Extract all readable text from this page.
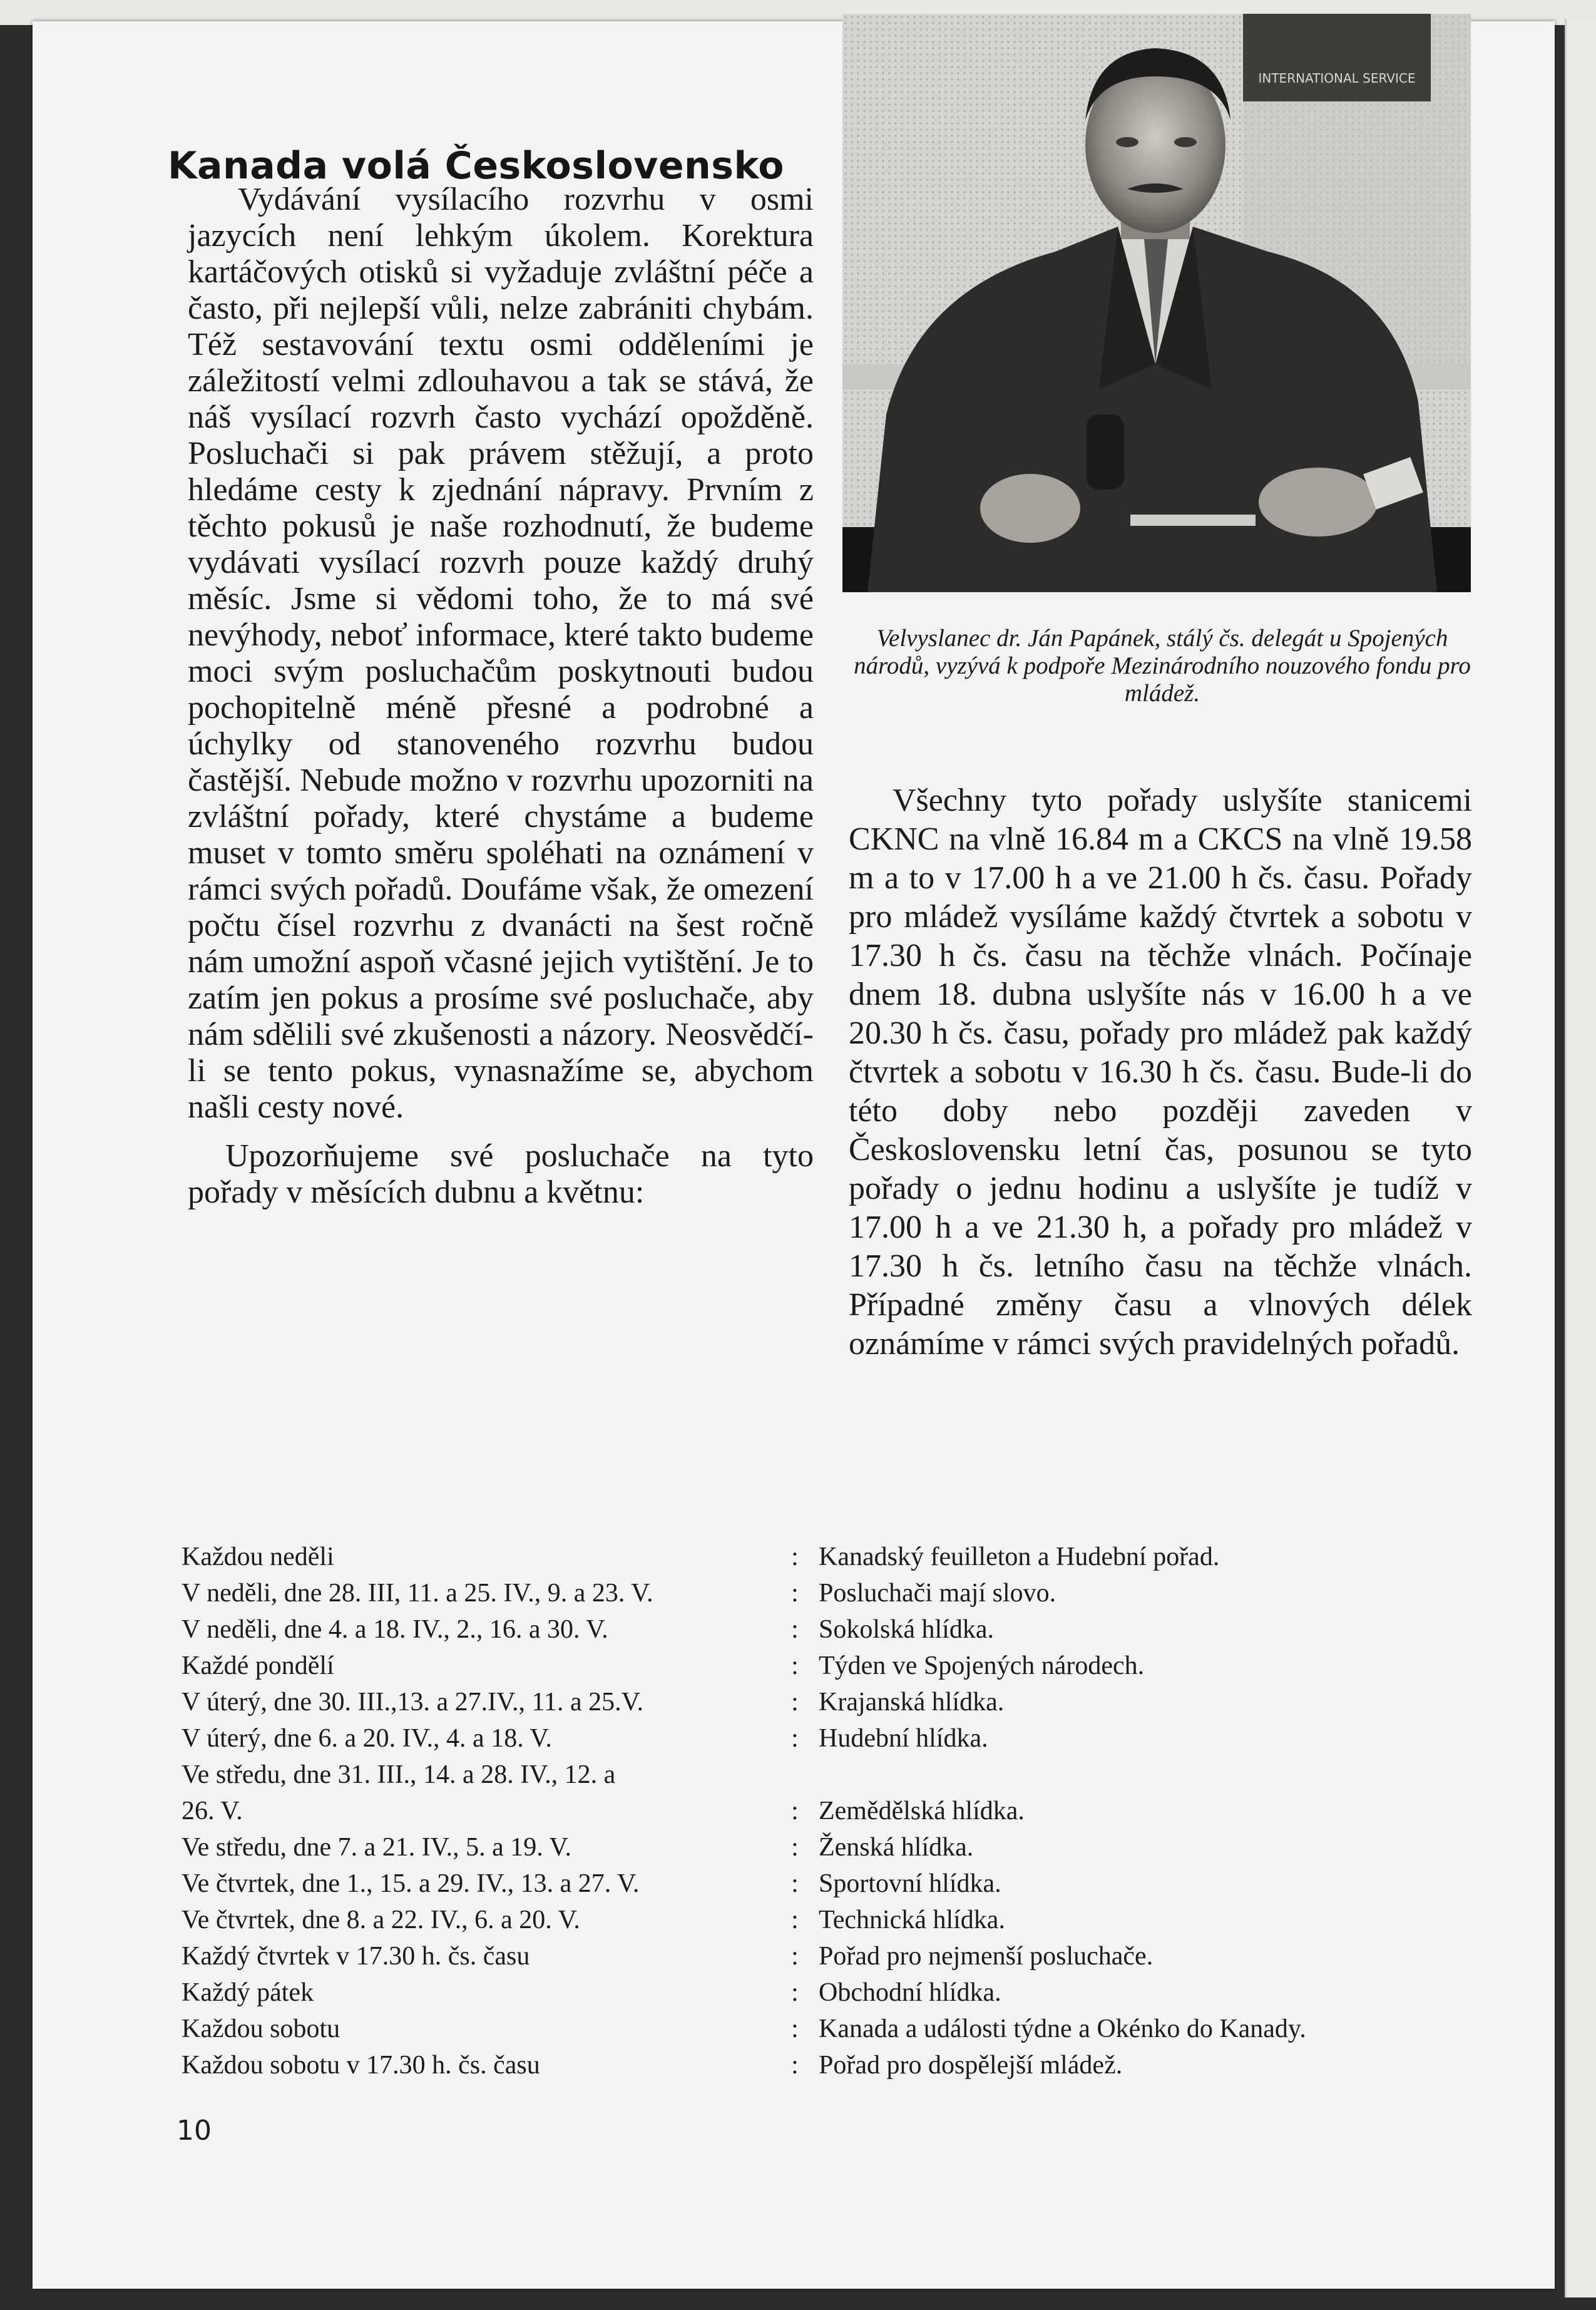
Kanada volá Československo

Vydávání vysílacího rozvrhu v osmi jazycích není lehkým úkolem. Korektura kartáčových otisků si vyžaduje zvláštní péče a často, při nejlepší vůli, nelze zabrániti chybám. Též sestavování textu osmi odděleními je záležitostí velmi zdlouhavou a tak se stává, že náš vysílací rozvrh často vychází opožděně. Posluchači si pak právem stěžují, a proto hledáme cesty k zjednání nápravy. Prvním z těchto pokusů je naše rozhodnutí, že budeme vydávati vysílací rozvrh pouze každý druhý měsíc. Jsme si vědomi toho, že to má své nevýhody, neboť informace, které takto budeme moci svým posluchačům poskytnouti budou pochopitelně méně přesné a podrobné a úchylky od stanoveného rozvrhu budou častější. Nebude možno v rozvrhu upozorniti na zvláštní pořady, které chystáme a budeme muset v tomto směru spoléhati na oznámení v rámci svých pořadů. Doufáme však, že omezení počtu čísel rozvrhu z dvanácti na šest ročně nám umožní aspoň včasné jejich vytištění. Je to zatím jen pokus a prosíme své posluchače, aby nám sdělili své zkušenosti a názory. Neosvědčí-li se tento pokus, vynasnažíme se, abychom našli cesty nové.

Upozorňujeme své posluchače na tyto pořady v měsících dubnu a květnu:

INTERNATIONAL SERVICE
Velvyslanec dr. Ján Papánek, stálý čs. delegát u Spojených národů, vyzývá k podpoře Mezinárodního nouzového fondu pro mládež.

Všechny tyto pořady uslyšíte stanicemi CKNC na vlně 16.84 m a CKCS na vlně 19.58 m a to v 17.00 h a ve 21.00 h čs. času. Pořady pro mládež vysíláme každý čtvrtek a sobotu v 17.30 h čs. času na těchže vlnách. Počínaje dnem 18. dubna uslyšíte nás v 16.00 h a ve 20.30 h čs. času, pořady pro mládež pak každý čtvrtek a sobotu v 16.30 h čs. času. Bude-li do této doby nebo později zaveden v Československu letní čas, posunou se tyto pořady o jednu hodinu a uslyšíte je tudíž v 17.00 h a ve 21.30 h, a pořady pro mládež v 17.30 h čs. letního času na těchže vlnách. Případné změny času a vlnových délek oznámíme v rámci svých pravidelných pořadů.

Každou neděli	: Kanadský feuilleton a Hudební pořad.
V neděli, dne 28. III, 11. a 25. IV., 9. a 23. V.	: Posluchači mají slovo.
V neděli, dne 4. a 18. IV., 2., 16. a 30. V.	: Sokolská hlídka.
Každé pondělí	: Týden ve Spojených národech.
V úterý, dne 30. III.,13. a 27.IV., 11. a 25.V.	: Krajanská hlídka.
V úterý, dne 6. a 20. IV., 4. a 18. V.	: Hudební hlídka.
Ve středu, dne 31. III., 14. a 28. IV., 12. a
26. V.	: Zemědělská hlídka.
Ve středu, dne 7. a 21. IV., 5. a 19. V.	: Ženská hlídka.
Ve čtvrtek, dne 1., 15. a 29. IV., 13. a 27. V.	: Sportovní hlídka.
Ve čtvrtek, dne 8. a 22. IV., 6. a 20. V.	: Technická hlídka.
Každý čtvrtek v 17.30 h. čs. času	: Pořad pro nejmenší posluchače.
Každý pátek	: Obchodní hlídka.
Každou sobotu	: Kanada a události týdne a Okénko do Kanady.
Každou sobotu v 17.30 h. čs. času	: Pořad pro dospělejší mládež.
10
